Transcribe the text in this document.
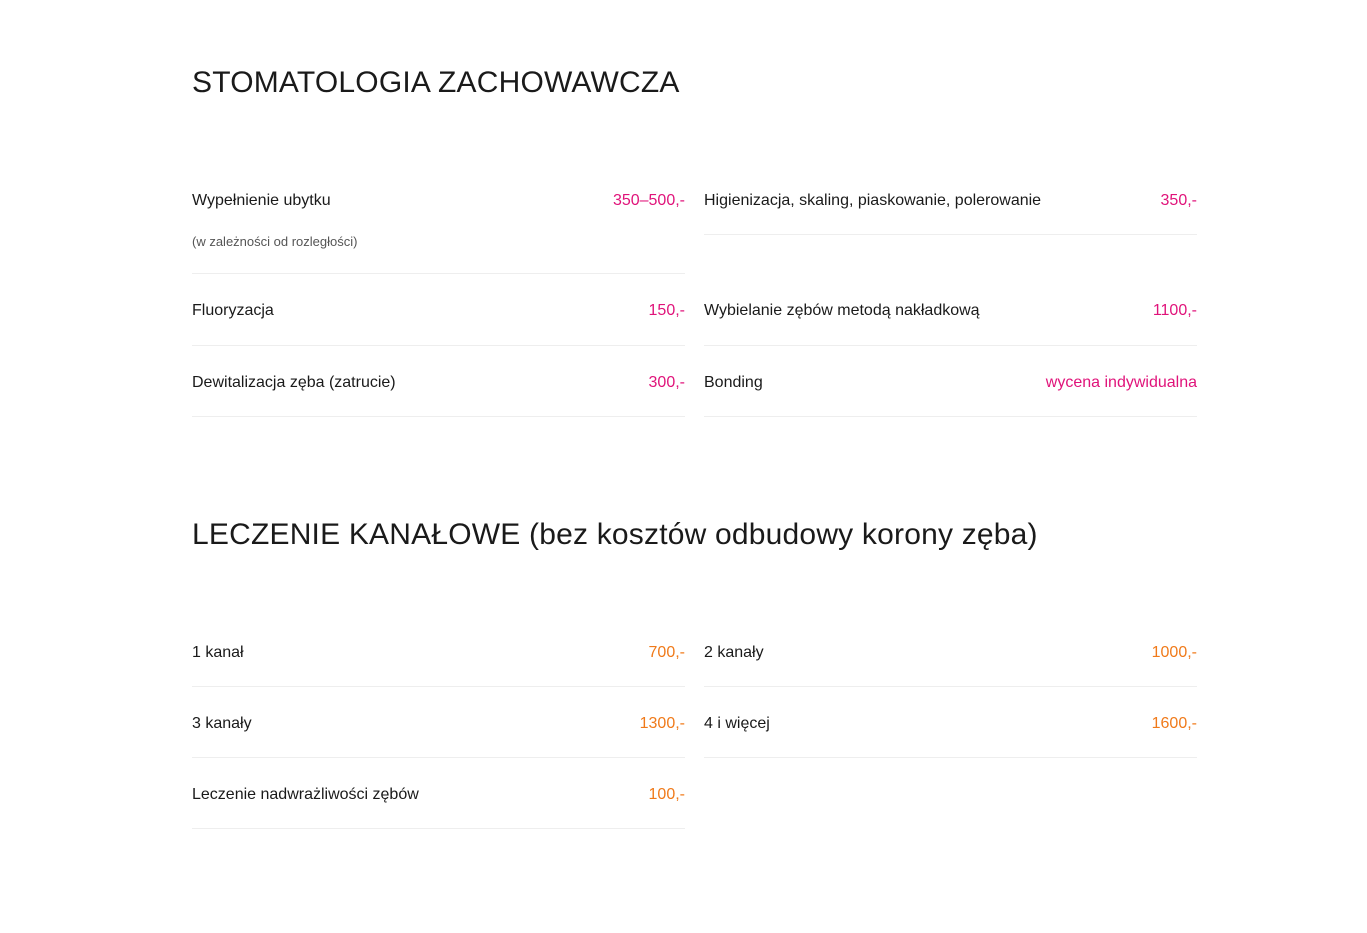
STOMATOLOGIA ZACHOWAWCZA
Wypełnienie ubytku	350–500,-
(w zależności od rozległości)
Fluoryzacja	150,-
Dewitalizacja zęba (zatrucie)	300,-
Higienizacja, skaling, piaskowanie, polerowanie	350,-
Wybielanie zębów metodą nakładkową	1100,-
Bonding	wycena indywidualna
LECZENIE KANAŁOWE (bez kosztów odbudowy korony zęba)
1 kanał	700,-
3 kanały	1300,-
Leczenie nadwrażliwości zębów	100,-
2 kanały	1000,-
4 i więcej	1600,-
